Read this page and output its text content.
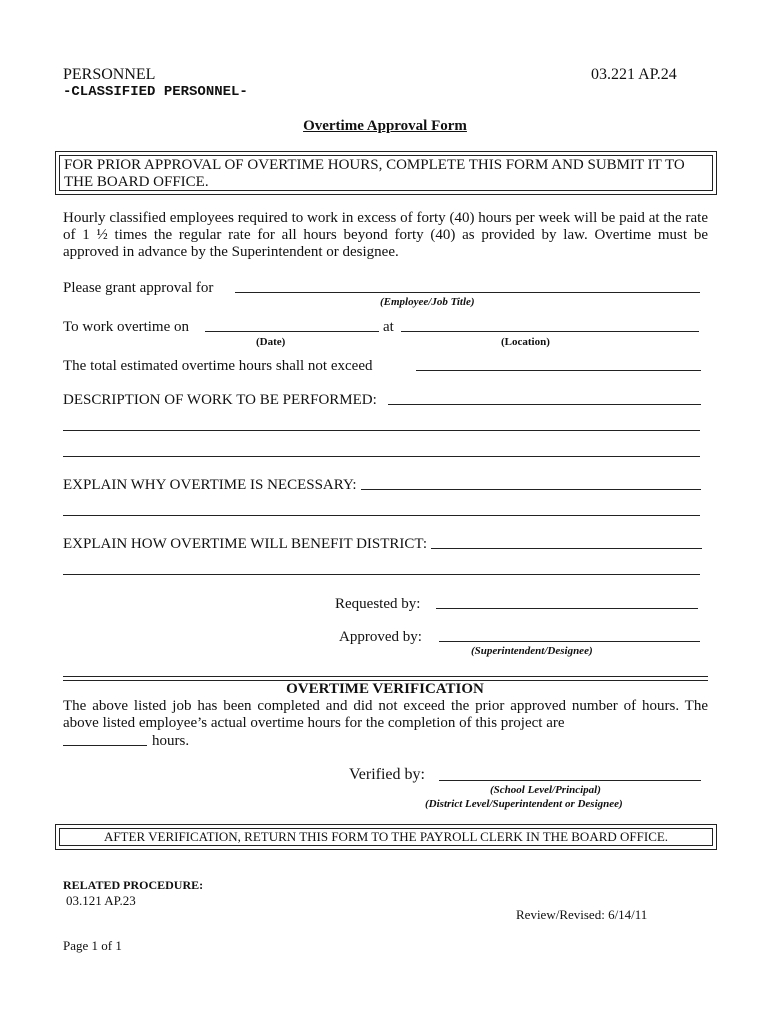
PERSONNEL	03.221 AP.24
-CLASSIFIED PERSONNEL-
Overtime Approval Form
FOR PRIOR APPROVAL OF OVERTIME HOURS, COMPLETE THIS FORM AND SUBMIT IT TO THE BOARD OFFICE.
Hourly classified employees required to work in excess of forty (40) hours per week will be paid at the rate of 1 ½ times the regular rate for all hours beyond forty (40) as provided by law. Overtime must be approved in advance by the Superintendent or designee.
Please grant approval for
(Employee/Job Title)
To work overtime on	at
(Date)	(Location)
The total estimated overtime hours shall not exceed
DESCRIPTION OF WORK TO BE PERFORMED:
EXPLAIN WHY OVERTIME IS NECESSARY:
EXPLAIN HOW OVERTIME WILL BENEFIT DISTRICT:
Requested by:
Approved by:
(Superintendent/Designee)
OVERTIME VERIFICATION
The above listed job has been completed and did not exceed the prior approved number of hours. The above listed employee’s actual overtime hours for the completion of this project are
hours.
Verified by:
(School Level/Principal)
(District Level/Superintendent or Designee)
AFTER VERIFICATION, RETURN THIS FORM TO THE PAYROLL CLERK IN THE BOARD OFFICE.
RELATED PROCEDURE:
03.121 AP.23
Review/Revised: 6/14/11
Page 1 of 1
